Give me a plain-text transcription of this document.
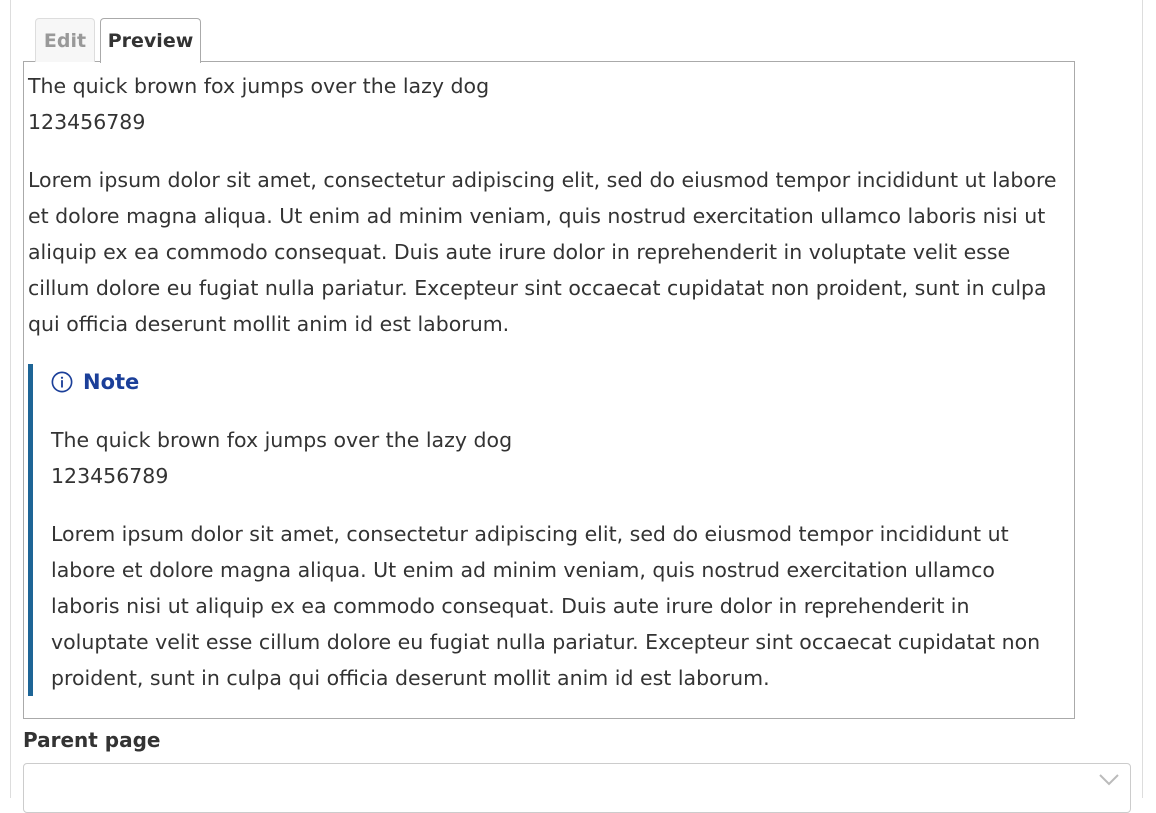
Edit Preview

The quick brown fox jumps over the lazy dog
123456789

Lorem ipsum dolor sit amet, consectetur adipiscing elit, sed do eiusmod tempor incididunt ut labore et dolore magna aliqua. Ut enim ad minim veniam, quis nostrud exercitation ullamco laboris nisi ut aliquip ex ea commodo consequat. Duis aute irure dolor in reprehenderit in voluptate velit esse cillum dolore eu fugiat nulla pariatur. Excepteur sint occaecat cupidatat non proident, sunt in culpa qui officia deserunt mollit anim id est laborum.

Note

The quick brown fox jumps over the lazy dog
123456789

Lorem ipsum dolor sit amet, consectetur adipiscing elit, sed do eiusmod tempor incididunt ut labore et dolore magna aliqua. Ut enim ad minim veniam, quis nostrud exercitation ullamco laboris nisi ut aliquip ex ea commodo consequat. Duis aute irure dolor in reprehenderit in voluptate velit esse cillum dolore eu fugiat nulla pariatur. Excepteur sint occaecat cupidatat non proident, sunt in culpa qui officia deserunt mollit anim id est laborum.

Parent page
